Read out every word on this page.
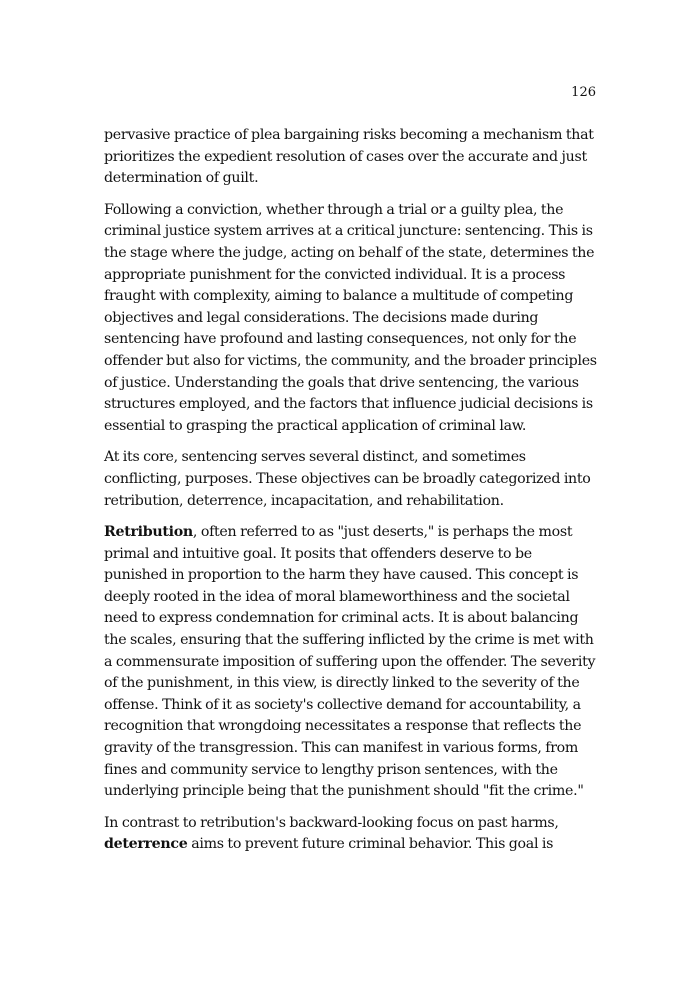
126

pervasive practice of plea bargaining risks becoming a mechanism that prioritizes the expedient resolution of cases over the accurate and just determination of guilt.

Following a conviction, whether through a trial or a guilty plea, the criminal justice system arrives at a critical juncture: sentencing. This is the stage where the judge, acting on behalf of the state, determines the appropriate punishment for the convicted individual. It is a process fraught with complexity, aiming to balance a multitude of competing objectives and legal considerations. The decisions made during sentencing have profound and lasting consequences, not only for the offender but also for victims, the community, and the broader principles of justice. Understanding the goals that drive sentencing, the various structures employed, and the factors that influence judicial decisions is essential to grasping the practical application of criminal law.

At its core, sentencing serves several distinct, and sometimes conflicting, purposes. These objectives can be broadly categorized into retribution, deterrence, incapacitation, and rehabilitation.

Retribution, often referred to as "just deserts," is perhaps the most primal and intuitive goal. It posits that offenders deserve to be punished in proportion to the harm they have caused. This concept is deeply rooted in the idea of moral blameworthiness and the societal need to express condemnation for criminal acts. It is about balancing the scales, ensuring that the suffering inflicted by the crime is met with a commensurate imposition of suffering upon the offender. The severity of the punishment, in this view, is directly linked to the severity of the offense. Think of it as society's collective demand for accountability, a recognition that wrongdoing necessitates a response that reflects the gravity of the transgression. This can manifest in various forms, from fines and community service to lengthy prison sentences, with the underlying principle being that the punishment should "fit the crime."

In contrast to retribution's backward-looking focus on past harms, deterrence aims to prevent future criminal behavior. This goal is
